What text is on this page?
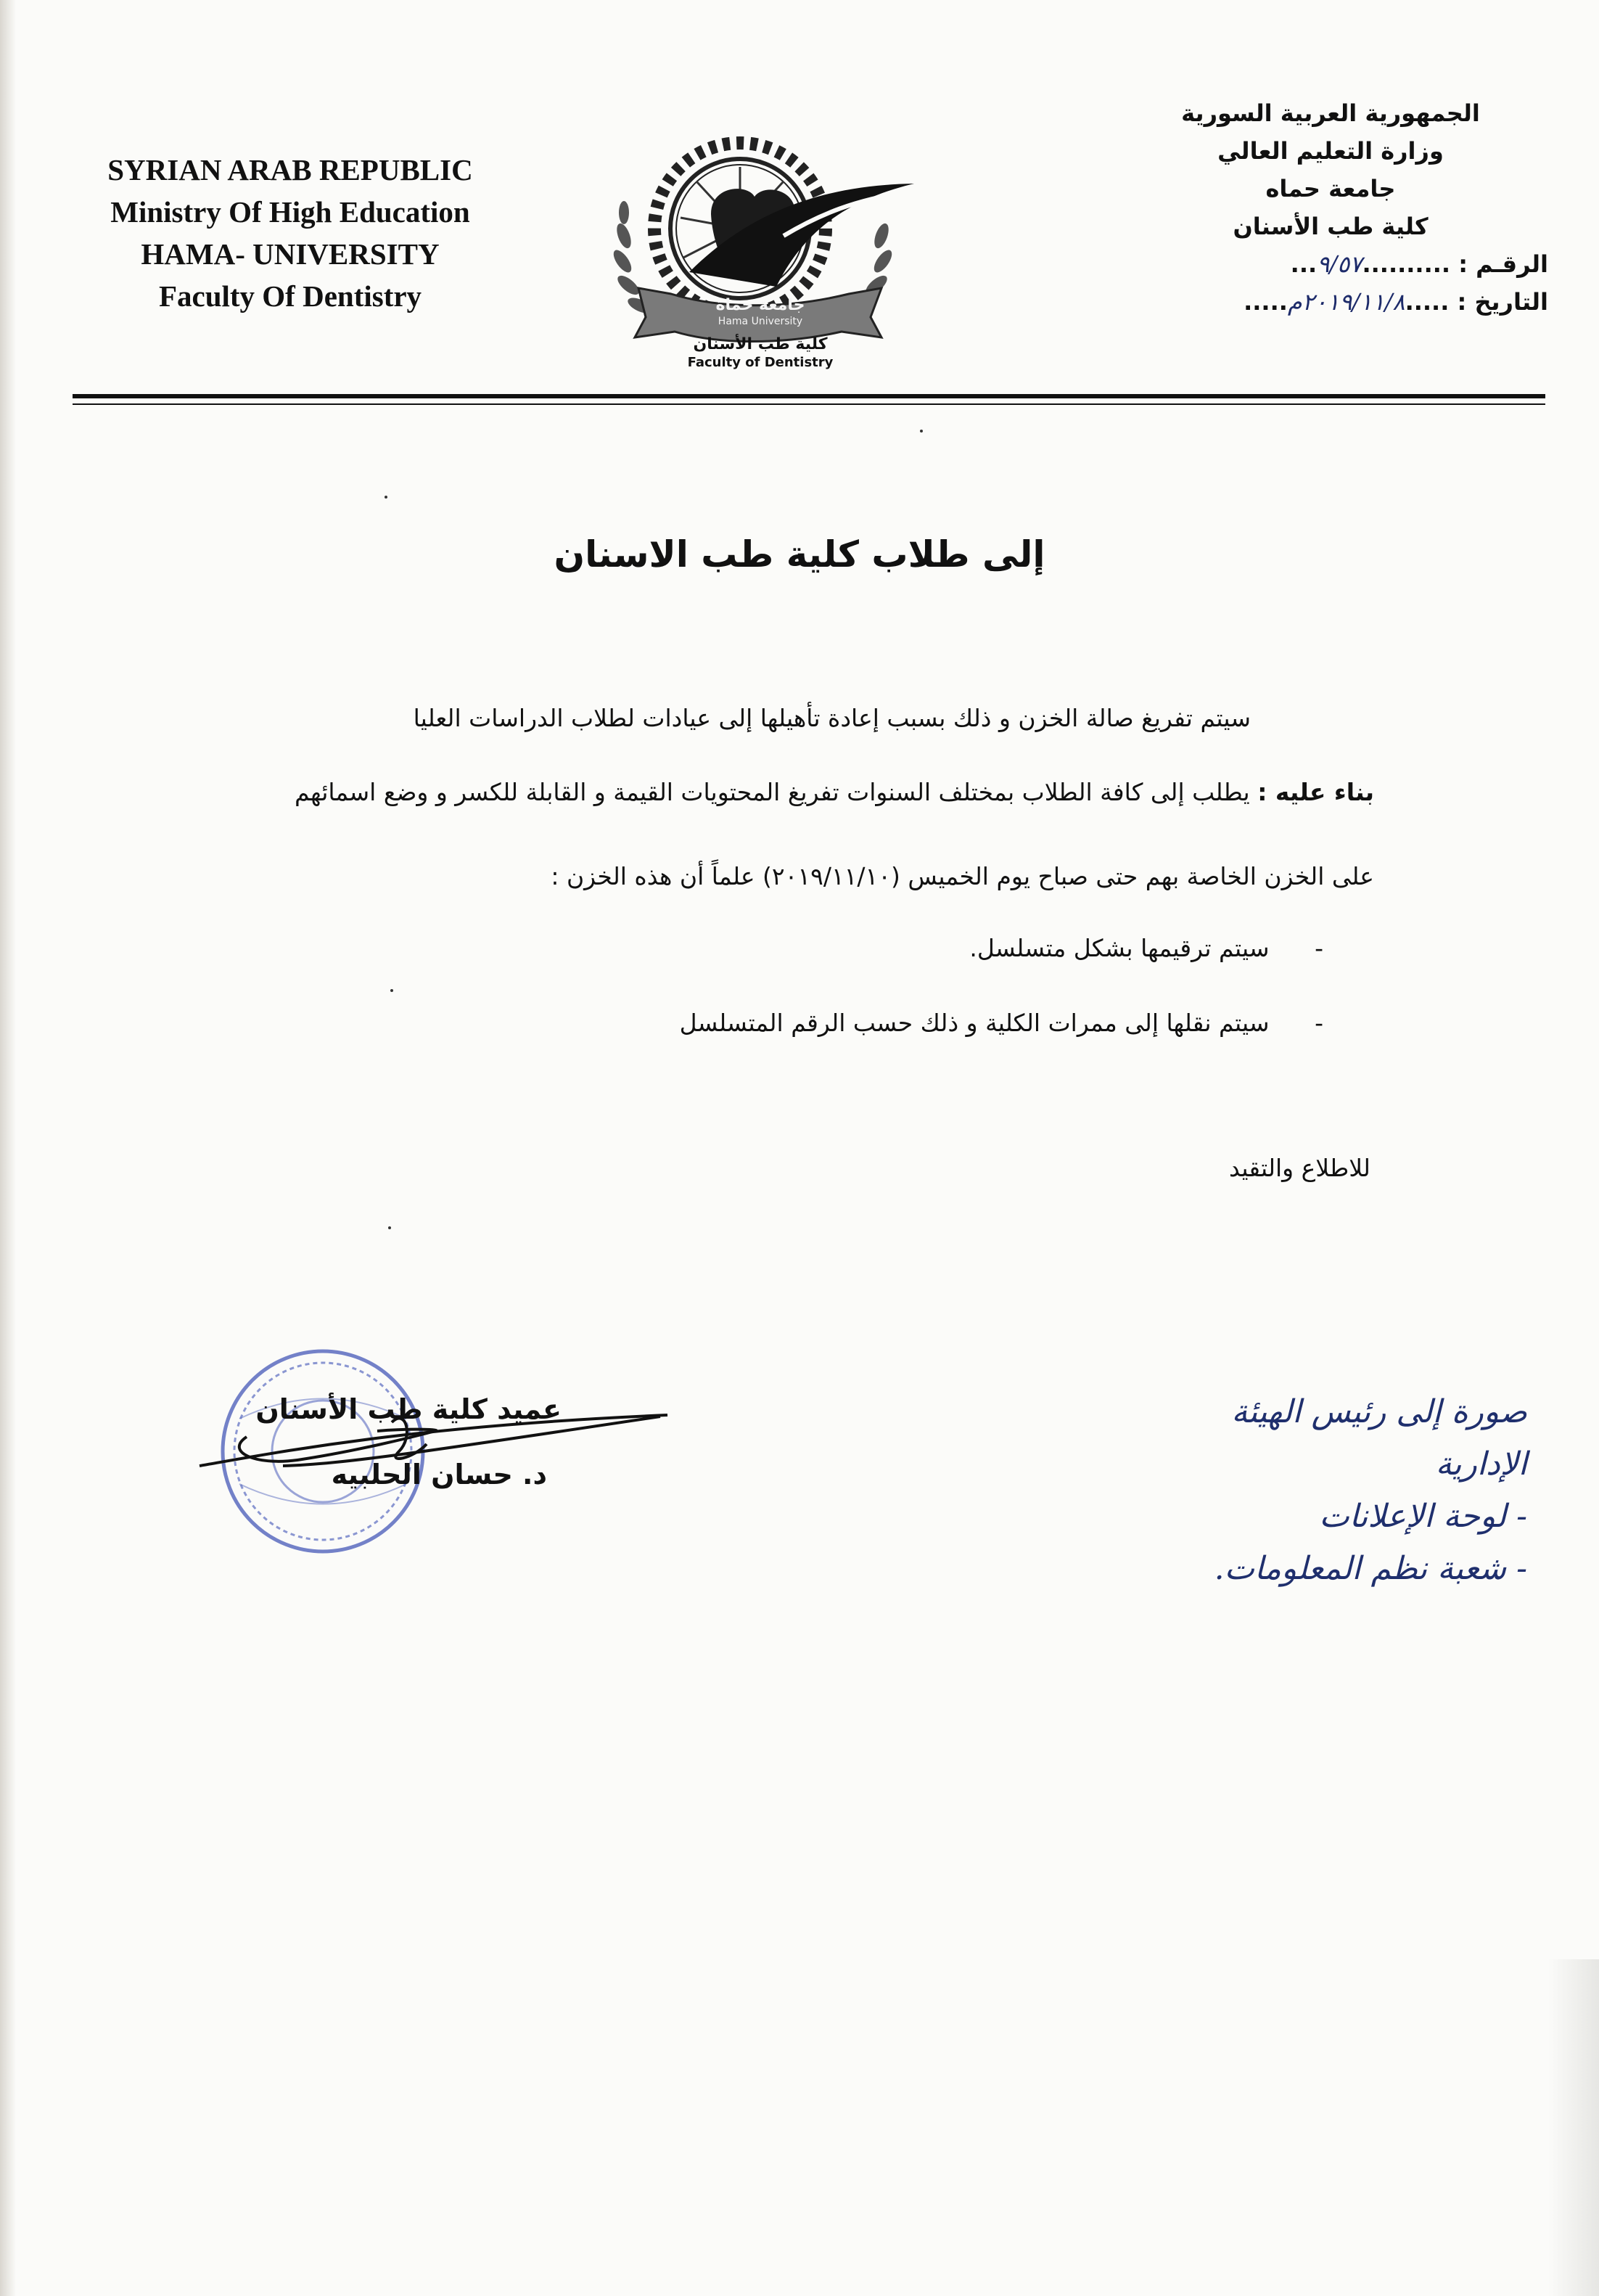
SYRIAN ARAB REPUBLIC
Ministry Of High Education
HAMA- UNIVERSITY
Faculty Of Dentistry	جامعة حماة
Hama University
كلية طب الأسنان
Faculty of Dentistry
الجمهورية العربية السورية
وزارة التعليم العالي
جامعة حماه
كلية طب الأسنان
الرقـم : ..........٩/٥٧...
التاريخ : .....٢٠١٩/١١/٨م.....
إلى طلاب كلية طب الاسنان
سيتم تفريغ صالة الخزن و ذلك بسبب إعادة تأهيلها إلى عيادات لطلاب الدراسات العليا
بناء عليه : يطلب إلى كافة الطلاب بمختلف السنوات تفريغ المحتويات القيمة و القابلة للكسر و وضع اسمائهم
على الخزن الخاصة بهم حتى صباح يوم الخميس (٢٠١٩/١١/١٠) علماً أن هذه الخزن :
- سيتم ترقيمها بشكل متسلسل.
- سيتم نقلها إلى ممرات الكلية و ذلك حسب الرقم المتسلسل
للاطلاع والتقيد
عميد كلية طب الأسنان
د. حسان الحلبيه
صورة إلى رئيس الهيئة الإدارية
- لوحة الإعلانات
- شعبة نظم المعلومات.
